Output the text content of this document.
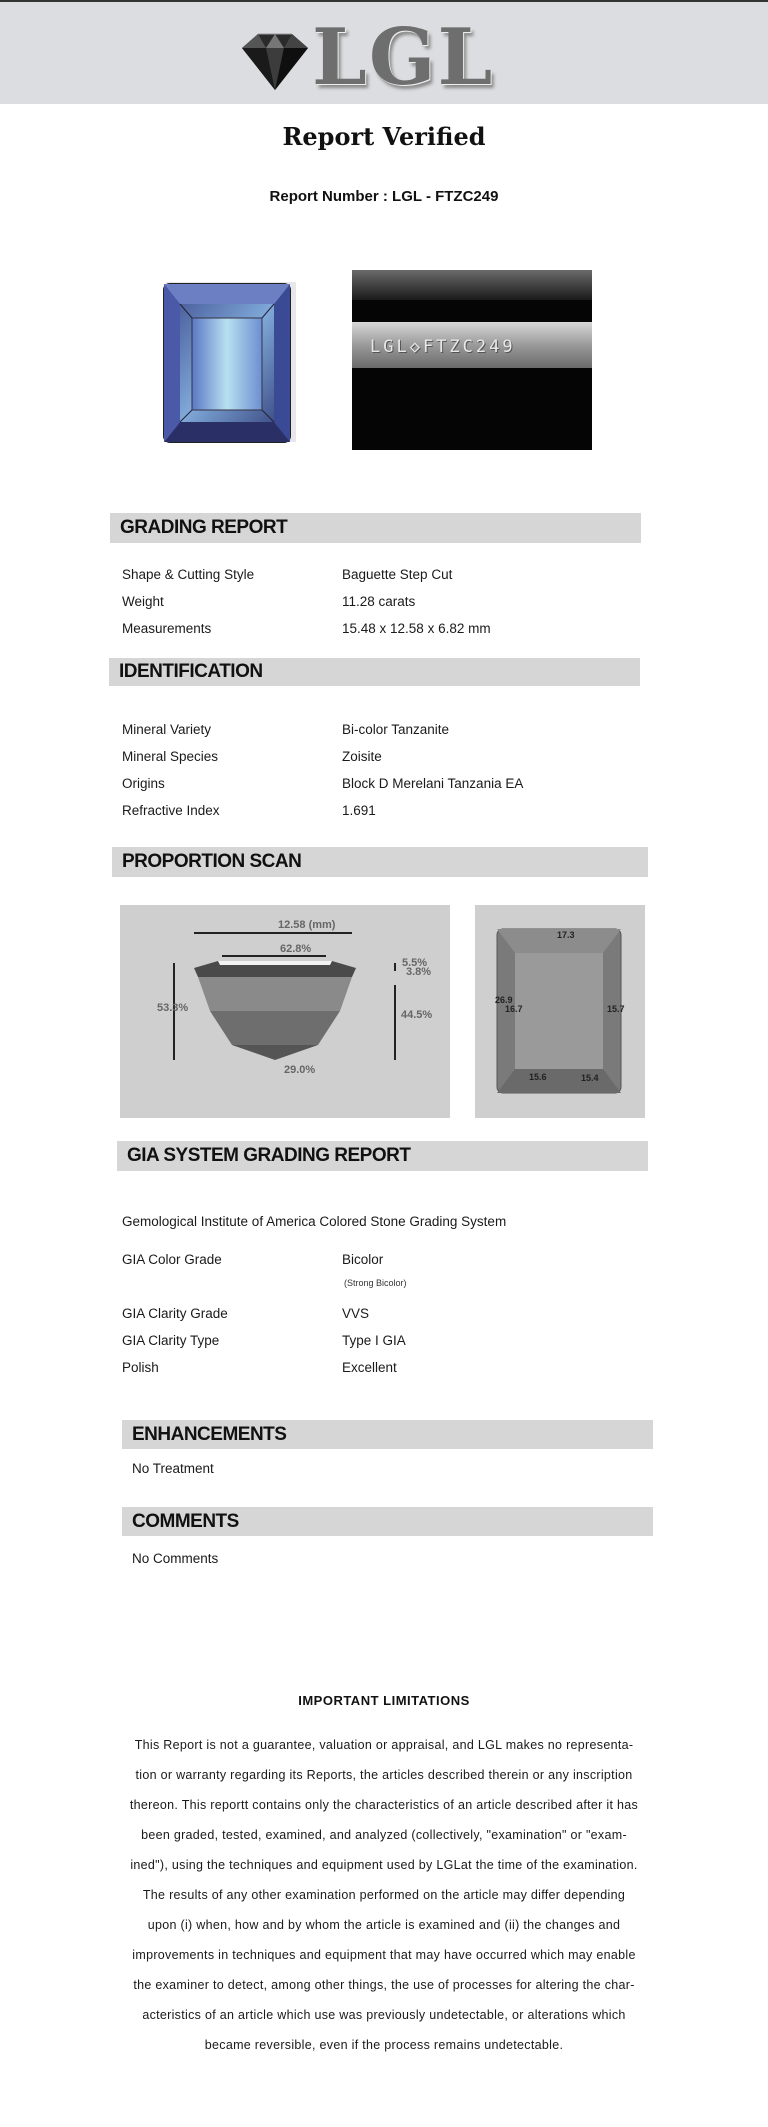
LGL
Report Verified
Report Number : LGL - FTZC249
LGL◇FTZC249
GRADING REPORT
Shape & Cutting Style	Baguette Step Cut
Weight	11.28 carats
Measurements	15.48 x 12.58 x 6.82 mm
IDENTIFICATION
Mineral Variety	Bi-color Tanzanite
Mineral Species	Zoisite
Origins	Block D Merelani Tanzania EA
Refractive Index	1.691
PROPORTION SCAN
12.58 (mm)
62.8%
5.5%
3.8%
53.3%
44.5%
29.0%
17.3
26.9
16.7	15.7
15.6	15.4
GIA SYSTEM GRADING REPORT
Gemological Institute of America Colored Stone Grading System
GIA Color Grade	Bicolor
(Strong Bicolor)
GIA Clarity Grade	VVS
GIA Clarity Type	Type I GIA
Polish	Excellent
ENHANCEMENTS
No Treatment
COMMENTS
No Comments
IMPORTANT LIMITATIONS
This Report is not a guarantee, valuation or appraisal, and LGL makes no representa-
tion or warranty regarding its Reports, the articles described therein or any inscription
thereon. This reportt contains only the characteristics of an article described after it has
been graded, tested, examined, and analyzed (collectively, "examination" or "exam-
ined"), using the techniques and equipment used by LGLat the time of the examination.
The results of any other examination performed on the article may differ depending
upon (i) when, how and by whom the article is examined and (ii) the changes and
improvements in techniques and equipment that may have occurred which may enable
the examiner to detect, among other things, the use of processes for altering the char-
acteristics of an article which use was previously undetectable, or alterations which
became reversible, even if the process remains undetectable.
